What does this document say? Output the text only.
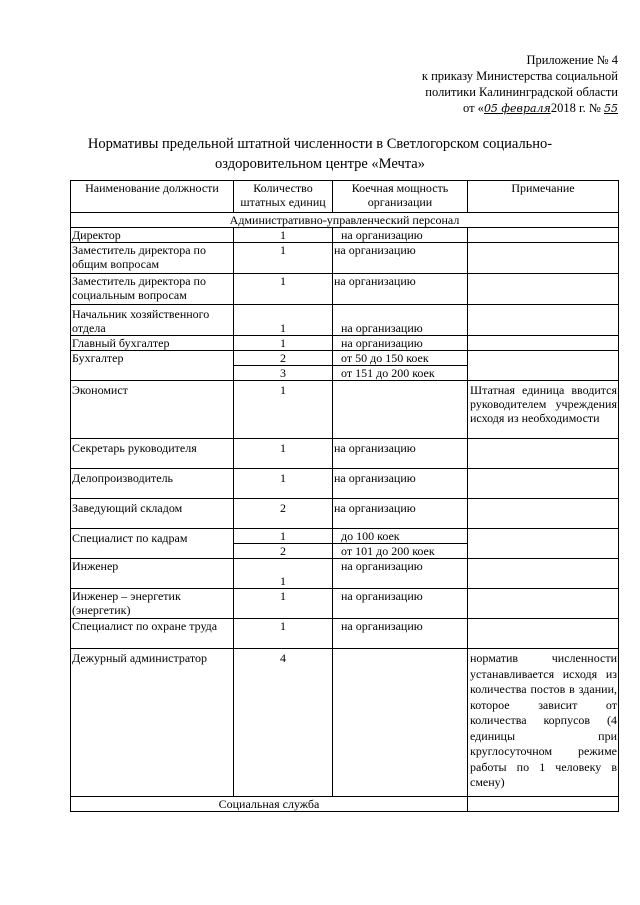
Приложение № 4
к приказу Министерства социальной
политики Калининградской области
от «05 февраля2018 г. № 55
Нормативы предельной штатной численности в Светлогорском социально-
оздоровительном центре «Мечта»
Наименование должности	Количество штатных единиц	Коечная мощность организации	Примечание
Административно-управленческий персонал			
Директор	1	на организацию	
Заместитель директора по общим вопросам	1	на организацию	
Заместитель директора по социальным вопросам	1	на организацию	
Начальник хозяйственного отдела	1	на организацию	
Главный бухгалтер	1	на организацию	
Бухгалтер	2	от 50 до 150 коек	
	3	от 151 до 200 коек	
Экономист	1		Штатная единица вводится руководителем учреждения исходя из необходимости
Секретарь руководителя	1	на организацию	
Делопроизводитель	1	на организацию	
Заведующий складом	2	на организацию	
Специалист по кадрам	1	до 100 коек	
	2	от 101 до 200 коек	
Инженер	1	на организацию	
Инженер – энергетик (энергетик)	1	на организацию	
Специалист по охране труда	1	на организацию	
Дежурный администратор	4		норматив численности устанавливается исходя из количества постов в здании, которое зависит от количества корпусов (4 единицы при круглосуточном режиме работы по 1 человеку в смену)
Социальная служба			
